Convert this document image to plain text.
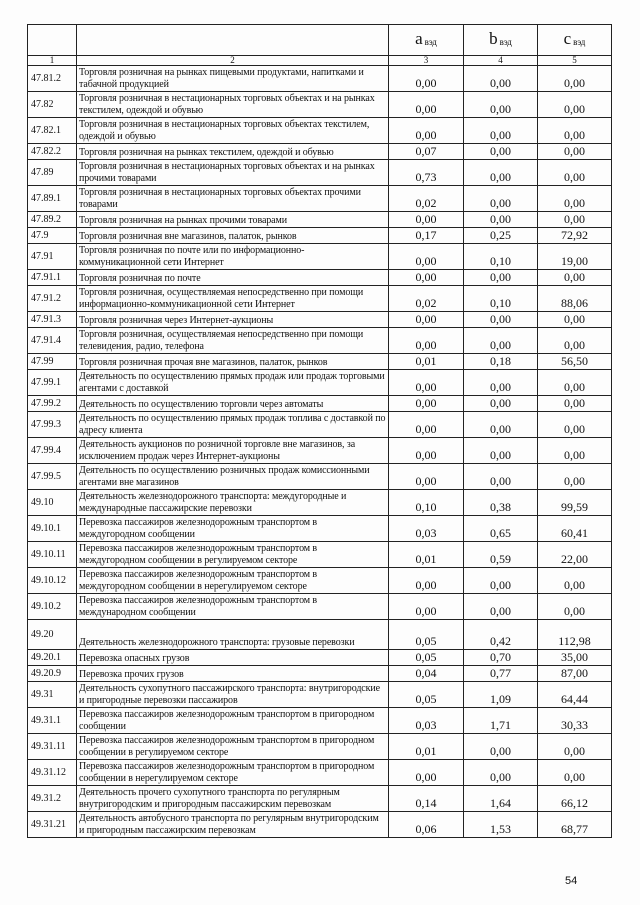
		a $_{вэд}$	b $_{вэд}$	c $_{вэд}$
1	2	3	4	5
47.81.2	Торговля розничная на рынках пищевыми продуктами, напитками и табачной продукцией	0,00	0,00	0,00
47.82	Торговля розничная в нестационарных торговых объектах и на рынках текстилем, одеждой и обувью	0,00	0,00	0,00
47.82.1	Торговля розничная в нестационарных торговых объектах текстилем, одеждой и обувью	0,00	0,00	0,00
47.82.2	Торговля розничная на рынках текстилем, одеждой и обувью	0,07	0,00	0,00
47.89	Торговля розничная в нестационарных торговых объектах и на рынках прочими товарами	0,73	0,00	0,00
47.89.1	Торговля розничная в нестационарных торговых объектах прочими товарами	0,02	0,00	0,00
47.89.2	Торговля розничная на рынках прочими товарами	0,00	0,00	0,00
47.9	Торговля розничная вне магазинов, палаток, рынков	0,17	0,25	72,92
47.91	Торговля розничная по почте или по информационно-коммуникационной сети Интернет	0,00	0,10	19,00
47.91.1	Торговля розничная по почте	0,00	0,00	0,00
47.91.2	Торговля розничная, осуществляемая непосредственно при помощи информационно-коммуникационной сети Интернет	0,02	0,10	88,06
47.91.3	Торговля розничная через Интернет-аукционы	0,00	0,00	0,00
47.91.4	Торговля розничная, осуществляемая непосредственно при помощи телевидения, радио, телефона	0,00	0,00	0,00
47.99	Торговля розничная прочая вне магазинов, палаток, рынков	0,01	0,18	56,50
47.99.1	Деятельность по осуществлению прямых продаж или продаж торговыми агентами с доставкой	0,00	0,00	0,00
47.99.2	Деятельность по осуществлению торговли через автоматы	0,00	0,00	0,00
47.99.3	Деятельность по осуществлению прямых продаж топлива с доставкой по адресу клиента	0,00	0,00	0,00
47.99.4	Деятельность аукционов по розничной торговле вне магазинов, за исключением продаж через Интернет-аукционы	0,00	0,00	0,00
47.99.5	Деятельность по осуществлению розничных продаж комиссионными агентами вне магазинов	0,00	0,00	0,00
49.10	Деятельность железнодорожного транспорта: междугородные и международные пассажирские перевозки	0,10	0,38	99,59
49.10.1	Перевозка пассажиров железнодорожным транспортом в междугородном сообщении	0,03	0,65	60,41
49.10.11	Перевозка пассажиров железнодорожным транспортом в междугородном сообщении в регулируемом секторе	0,01	0,59	22,00
49.10.12	Перевозка пассажиров железнодорожным транспортом в междугородном сообщении в нерегулируемом секторе	0,00	0,00	0,00
49.10.2	Перевозка пассажиров железнодорожным транспортом в международном сообщении	0,00	0,00	0,00
49.20	Деятельность железнодорожного транспорта: грузовые перевозки	0,05	0,42	112,98
49.20.1	Перевозка опасных грузов	0,05	0,70	35,00
49.20.9	Перевозка прочих грузов	0,04	0,77	87,00
49.31	Деятельность сухопутного пассажирского транспорта: внутригородские и пригородные перевозки пассажиров	0,05	1,09	64,44
49.31.1	Перевозка пассажиров железнодорожным транспортом в пригородном сообщении	0,03	1,71	30,33
49.31.11	Перевозка пассажиров железнодорожным транспортом в пригородном сообщении в регулируемом секторе	0,01	0,00	0,00
49.31.12	Перевозка пассажиров железнодорожным транспортом в пригородном сообщении в нерегулируемом секторе	0,00	0,00	0,00
49.31.2	Деятельность прочего сухопутного транспорта по регулярным внутригородским и пригородным пассажирским перевозкам	0,14	1,64	66,12
49.31.21	Деятельность автобусного транспорта по регулярным внутригородским и пригородным пассажирским перевозкам	0,06	1,53	68,77
54
